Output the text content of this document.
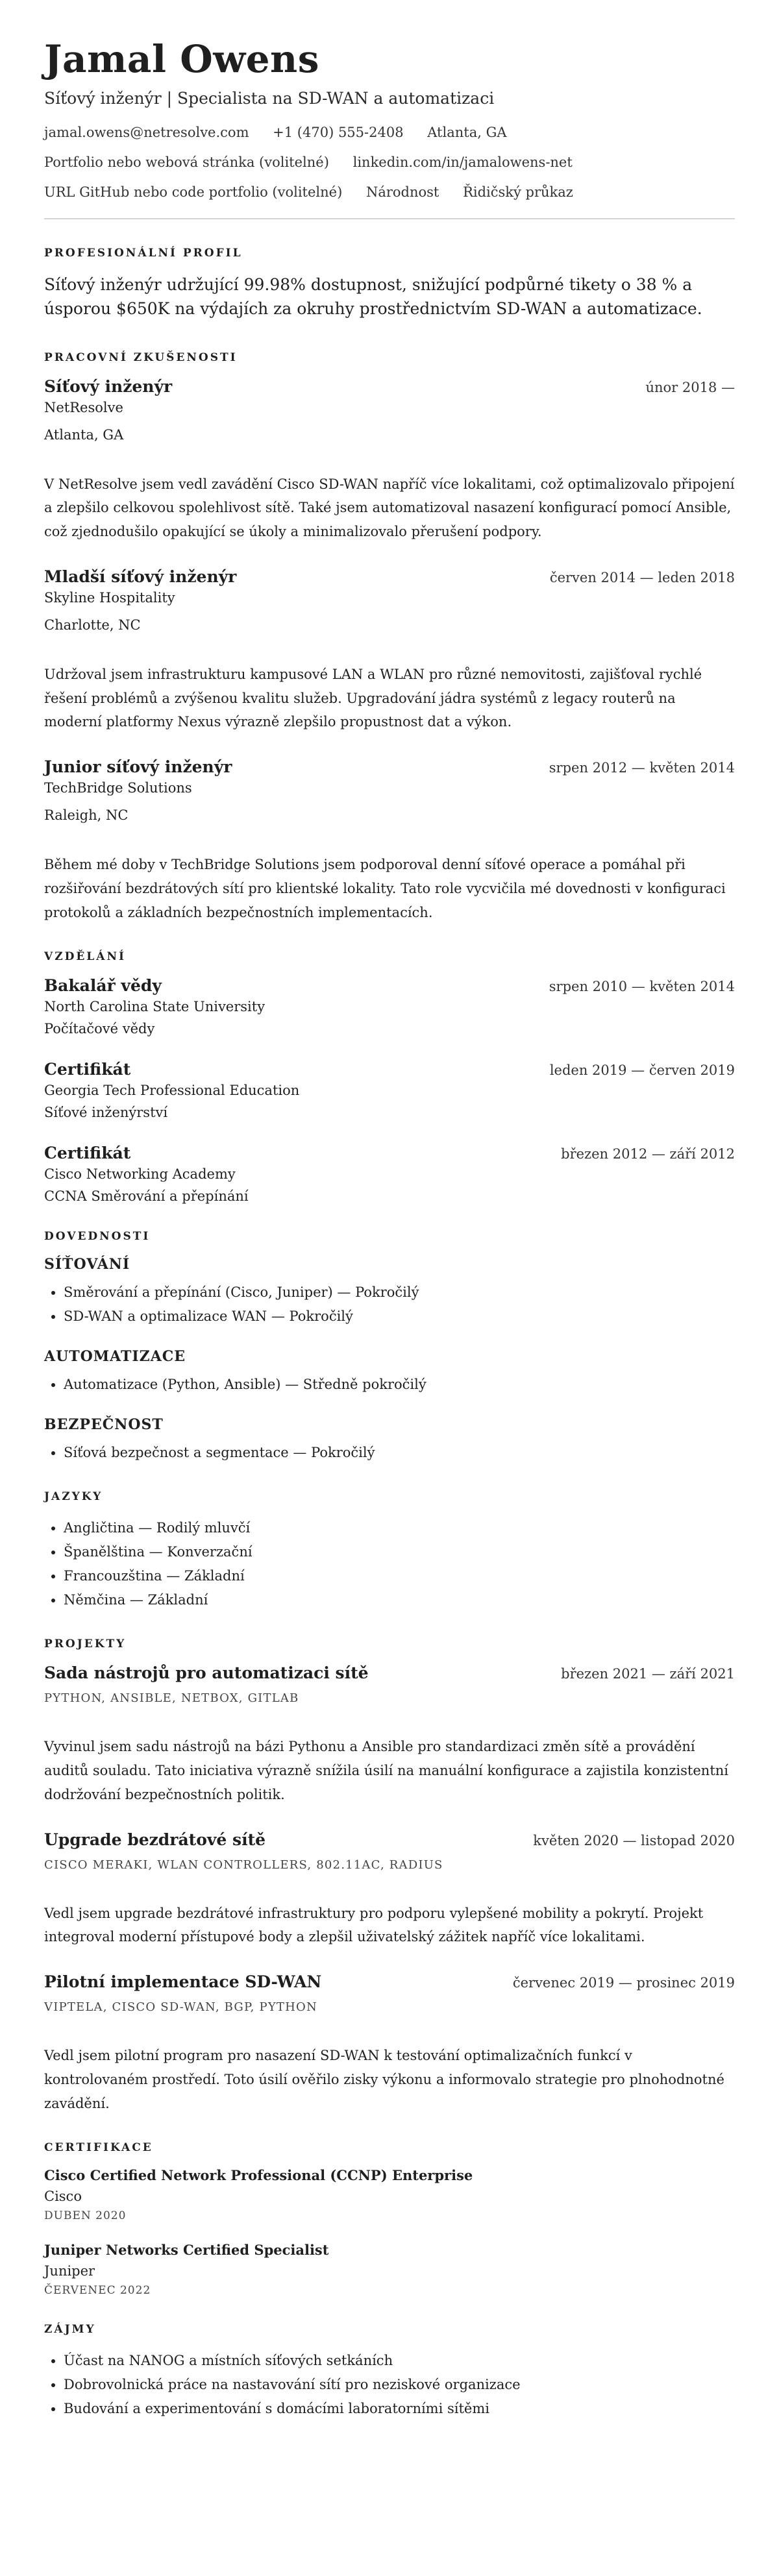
Jamal Owens
Síťový inženýr | Specialista na SD-WAN a automatizaci
jamal.owens@netresolve.com +1 (470) 555-2408 Atlanta, GA
Portfolio nebo webová stránka (volitelné) linkedin.com/in/jamalowens-net
URL GitHub nebo code portfolio (volitelné) Národnost Řidičský průkaz
PROFESIONÁLNÍ PROFIL
Síťový inženýr udržující 99.98% dostupnost, snižující podpůrné tikety o 38 % a úsporou $650K na výdajích za okruhy prostřednictvím SD-WAN a automatizace.
PRACOVNÍ ZKUŠENOSTI
Síťový inženýr	únor 2018 —
NetResolve
Atlanta, GA
V NetResolve jsem vedl zavádění Cisco SD-WAN napříč více lokalitami, což optimalizovalo připojení a zlepšilo celkovou spolehlivost sítě. Také jsem automatizoval nasazení konfigurací pomocí Ansible, což zjednodušilo opakující se úkoly a minimalizovalo přerušení podpory.
Mladší síťový inženýr	červen 2014 — leden 2018
Skyline Hospitality
Charlotte, NC
Udržoval jsem infrastrukturu kampusové LAN a WLAN pro různé nemovitosti, zajišťoval rychlé řešení problémů a zvýšenou kvalitu služeb. Upgradování jádra systémů z legacy routerů na moderní platformy Nexus výrazně zlepšilo propustnost dat a výkon.
Junior síťový inženýr	srpen 2012 — květen 2014
TechBridge Solutions
Raleigh, NC
Během mé doby v TechBridge Solutions jsem podporoval denní síťové operace a pomáhal při rozšiřování bezdrátových sítí pro klientské lokality. Tato role vycvičila mé dovednosti v konfiguraci protokolů a základních bezpečnostních implementacích.
VZDĚLÁNÍ
Bakalář vědy	srpen 2010 — květen 2014
North Carolina State University
Počítačové vědy
Certifikát	leden 2019 — červen 2019
Georgia Tech Professional Education
Síťové inženýrství
Certifikát	březen 2012 — září 2012
Cisco Networking Academy
CCNA Směrování a přepínání
DOVEDNOSTI
SÍŤOVÁNÍ
• Směrování a přepínání (Cisco, Juniper) — Pokročilý
• SD-WAN a optimalizace WAN — Pokročilý
AUTOMATIZACE
• Automatizace (Python, Ansible) — Středně pokročilý
BEZPEČNOST
• Síťová bezpečnost a segmentace — Pokročilý
JAZYKY
• Angličtina — Rodilý mluvčí
• Španělština — Konverzační
• Francouzština — Základní
• Němčina — Základní
PROJEKTY
Sada nástrojů pro automatizaci sítě	březen 2021 — září 2021
PYTHON, ANSIBLE, NETBOX, GITLAB
Vyvinul jsem sadu nástrojů na bázi Pythonu a Ansible pro standardizaci změn sítě a provádění auditů souladu. Tato iniciativa výrazně snížila úsilí na manuální konfigurace a zajistila konzistentní dodržování bezpečnostních politik.
Upgrade bezdrátové sítě	květen 2020 — listopad 2020
CISCO MERAKI, WLAN CONTROLLERS, 802.11AC, RADIUS
Vedl jsem upgrade bezdrátové infrastruktury pro podporu vylepšené mobility a pokrytí. Projekt integroval moderní přístupové body a zlepšil uživatelský zážitek napříč více lokalitami.
Pilotní implementace SD-WAN	červenec 2019 — prosinec 2019
VIPTELA, CISCO SD-WAN, BGP, PYTHON
Vedl jsem pilotní program pro nasazení SD-WAN k testování optimalizačních funkcí v kontrolovaném prostředí. Toto úsilí ověřilo zisky výkonu a informovalo strategie pro plnohodnotné zavádění.
CERTIFIKACE
Cisco Certified Network Professional (CCNP) Enterprise
Cisco
DUBEN 2020
Juniper Networks Certified Specialist
Juniper
ČERVENEC 2022
ZÁJMY
• Účast na NANOG a místních síťových setkáních
• Dobrovolnická práce na nastavování sítí pro neziskové organizace
• Budování a experimentování s domácími laboratorními sítěmi
